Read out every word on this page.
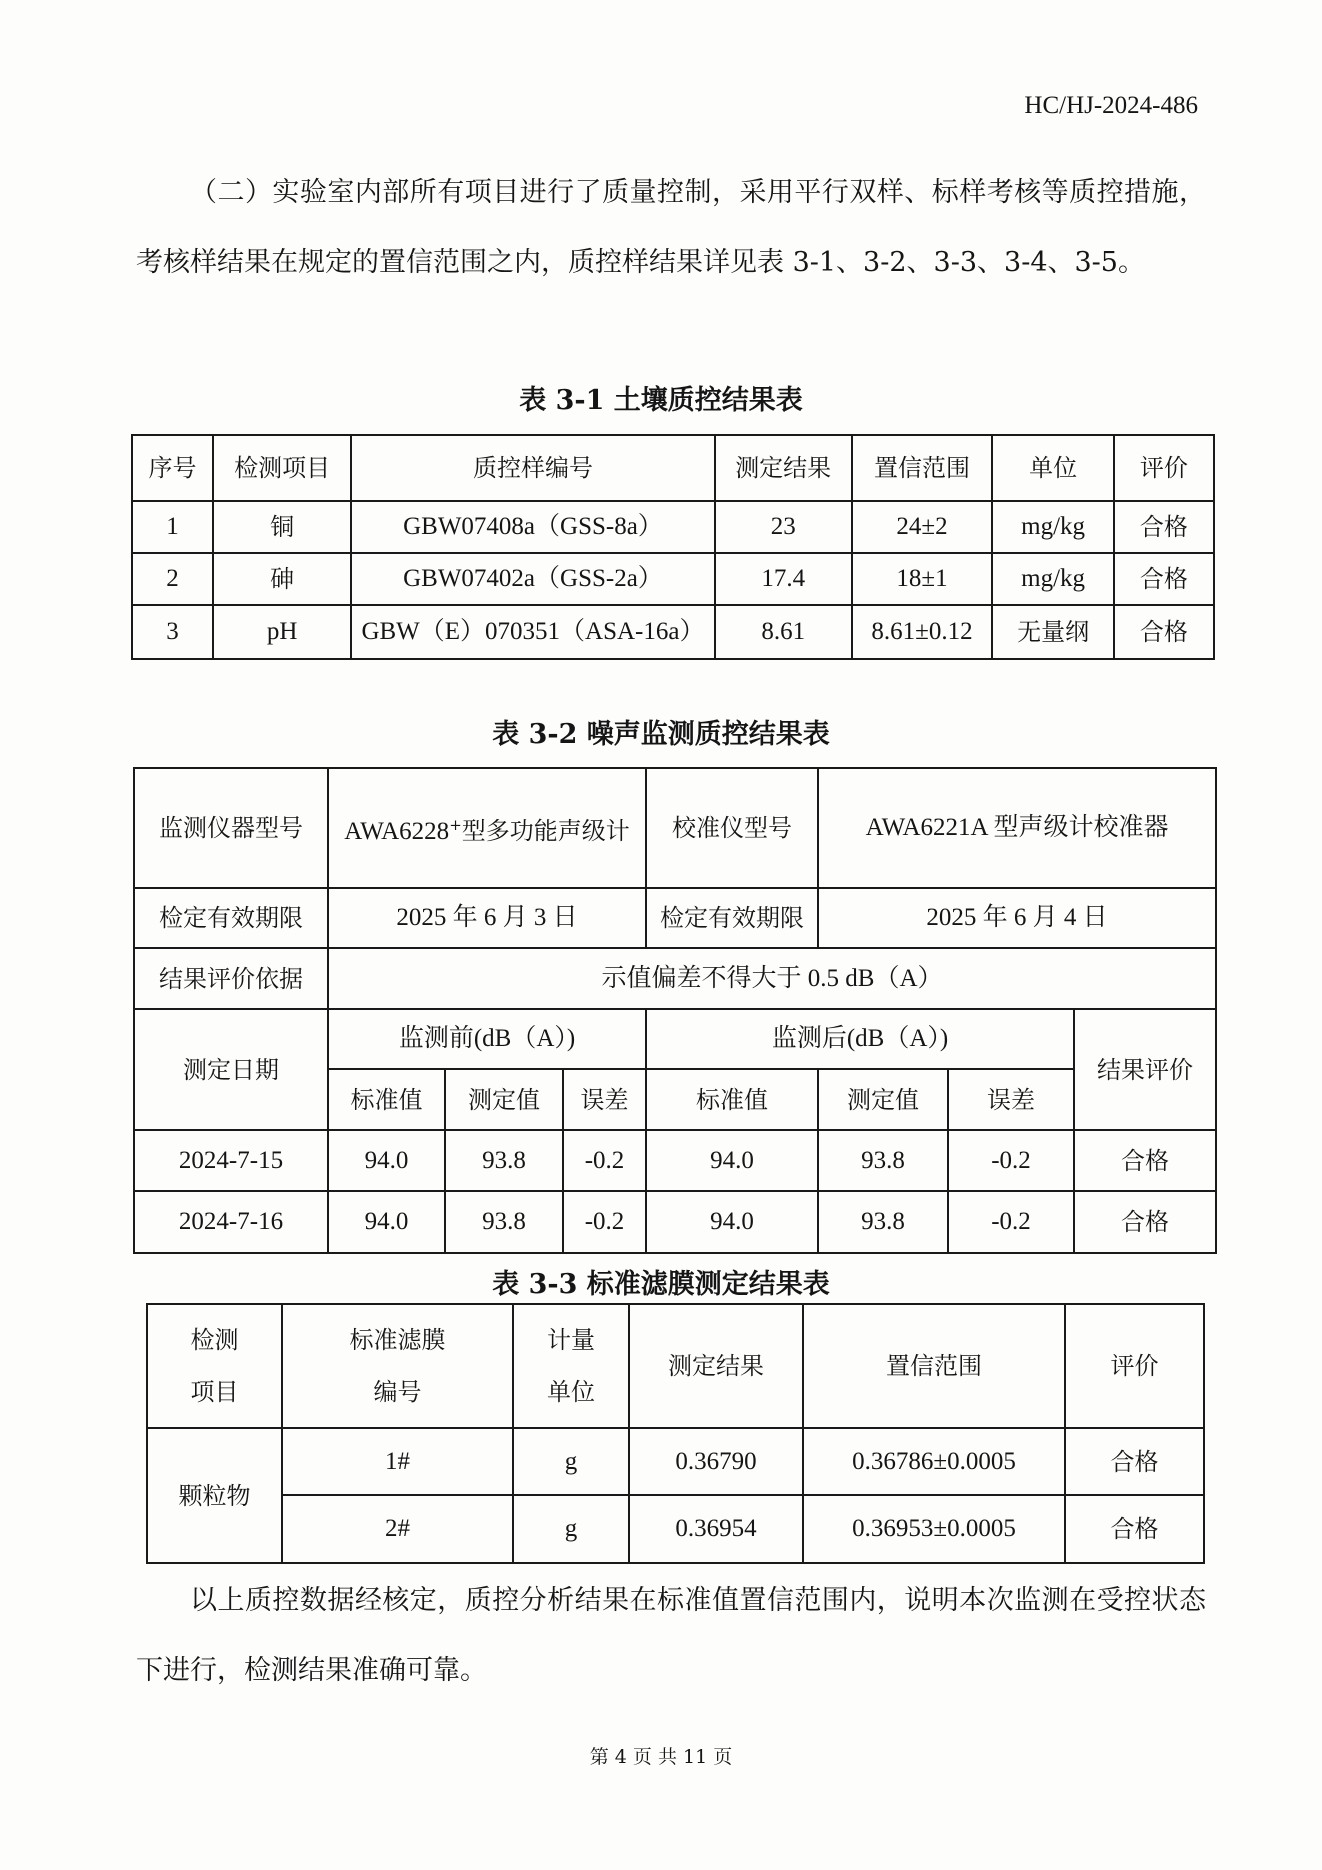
HC/HJ-2024-486

（二）实验室内部所有项目进行了质量控制，采用平行双样、标样考核等质控措施，考核样结果在规定的置信范围之内，质控样结果详见表 3-1、3-2、3-3、3-4、3-5。

表 3-1 土壤质控结果表
序号	检测项目	质控样编号	测定结果	置信范围	单位	评价
1	铜	GBW07408a（GSS-8a）	23	24±2	mg/kg	合格
2	砷	GBW07402a（GSS-2a）	17.4	18±1	mg/kg	合格
3	pH	GBW（E）070351（ASA-16a）	8.61	8.61±0.12	无量纲	合格
表 3-2 噪声监测质控结果表
监测仪器型号	AWA6228+型多功能声级计			校准仪型号	AWA6221A 型声级计校准器		
检定有效期限	2025 年 6 月 3 日			检定有效期限	2025 年 6 月 4 日		
结果评价依据	示值偏差不得大于 0.5 dB（A）						
测定日期	监测前(dB（A）)			监测后(dB（A）)			结果评价
	标准值	测定值	误差	标准值	测定值	误差	
2024-7-15	94.0	93.8	-0.2	94.0	93.8	-0.2	合格
2024-7-16	94.0	93.8	-0.2	94.0	93.8	-0.2	合格
表 3-3 标准滤膜测定结果表
检测项目	标准滤膜编号	计量单位	测定结果	置信范围	评价
颗粒物	1#	g	0.36790	0.36786±0.0005	合格
	2#	g	0.36954	0.36953±0.0005	合格

以上质控数据经核定，质控分析结果在标准值置信范围内，说明本次监测在受控状态下进行，检测结果准确可靠。

第 4 页 共 11 页
